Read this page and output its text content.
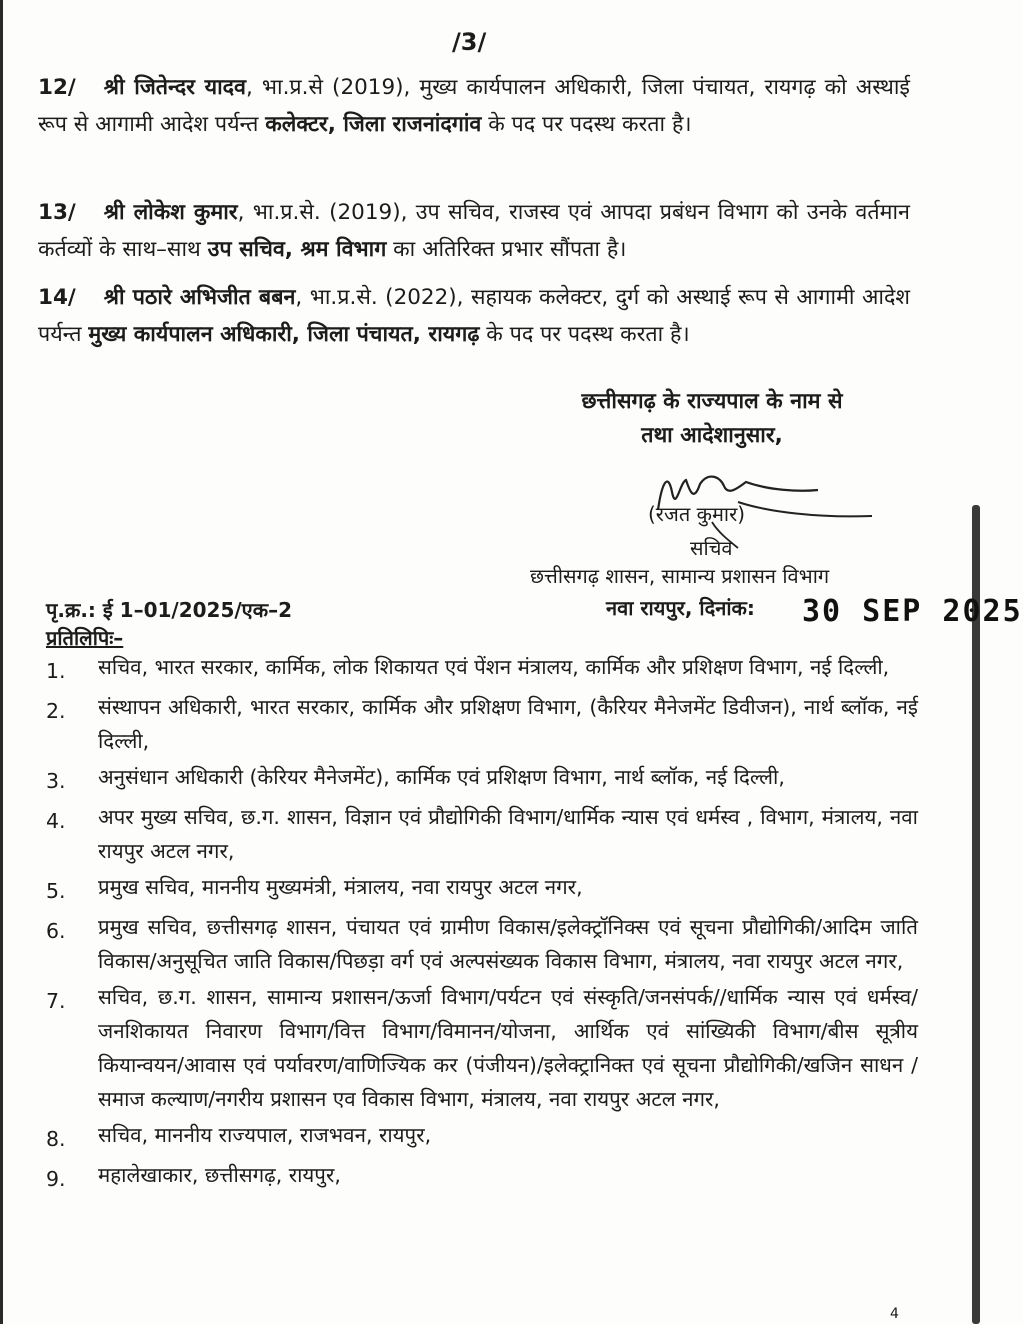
/3/
12/ श्री जितेन्दर यादव, भा.प्र.से (2019), मुख्य कार्यपालन अधिकारी, जिला पंचायत, रायगढ़ को अस्थाई रूप से आगामी आदेश पर्यन्त कलेक्टर, जिला राजनांदगांव के पद पर पदस्थ करता है।
13/ श्री लोकेश कुमार, भा.प्र.से. (2019), उप सचिव, राजस्व एवं आपदा प्रबंधन विभाग को उनके वर्तमान कर्तव्यों के साथ–साथ उप सचिव, श्रम विभाग का अतिरिक्त प्रभार सौंपता है।
14/ श्री पठारे अभिजीत बबन, भा.प्र.से. (2022), सहायक कलेक्टर, दुर्ग को अस्थाई रूप से आगामी आदेश पर्यन्त मुख्य कार्यपालन अधिकारी, जिला पंचायत, रायगढ़ के पद पर पदस्थ करता है।
छत्तीसगढ़ के राज्यपाल के नाम से
तथा आदेशानुसार,
(रजत कुमार)
सचिव
छत्तीसगढ़ शासन, सामान्य प्रशासन विभाग
पृ.क्र.: ई 1–01/2025/एक–2	नवा रायपुर, दिनांक: 30 SEP 2025
प्रतिलिपिः–
1.	सचिव, भारत सरकार, कार्मिक, लोक शिकायत एवं पेंशन मंत्रालय, कार्मिक और प्रशिक्षण विभाग, नई दिल्ली,
2.	संस्थापन अधिकारी, भारत सरकार, कार्मिक और प्रशिक्षण विभाग, (कैरियर मैनेजमेंट डिवीजन), नार्थ ब्लॉक, नई दिल्ली,
3.	अनुसंधान अधिकारी (केरियर मैनेजमेंट), कार्मिक एवं प्रशिक्षण विभाग, नार्थ ब्लॉक, नई दिल्ली,
4.	अपर मुख्य सचिव, छ.ग. शासन, विज्ञान एवं प्रौद्योगिकी विभाग/धार्मिक न्यास एवं धर्मस्व , विभाग, मंत्रालय, नवा रायपुर अटल नगर,
5.	प्रमुख सचिव, माननीय मुख्यमंत्री, मंत्रालय, नवा रायपुर अटल नगर,
6.	प्रमुख सचिव, छत्तीसगढ़ शासन, पंचायत एवं ग्रामीण विकास/इलेक्ट्रॉनिक्स एवं सूचना प्रौद्योगिकी/आदिम जाति विकास/अनुसूचित जाति विकास/पिछड़ा वर्ग एवं अल्पसंख्यक विकास विभाग, मंत्रालय, नवा रायपुर अटल नगर,
7.	सचिव, छ.ग. शासन, सामान्य प्रशासन/ऊर्जा विभाग/पर्यटन एवं संस्कृति/जनसंपर्क//धार्मिक न्यास एवं धर्मस्व/जनशिकायत निवारण विभाग/वित्त विभाग/विमानन/योजना, आर्थिक एवं सांख्यिकी विभाग/बीस सूत्रीय कियान्वयन/आवास एवं पर्यावरण/वाणिज्यिक कर (पंजीयन)/इलेक्ट्रानिक्त एवं सूचना प्रौद्योगिकी/खजिन साधन /समाज कल्याण/नगरीय प्रशासन एव विकास विभाग, मंत्रालय, नवा रायपुर अटल नगर,
8.	सचिव, माननीय राज्यपाल, राजभवन, रायपुर,
9.	महालेखाकार, छत्तीसगढ़, रायपुर,
4
